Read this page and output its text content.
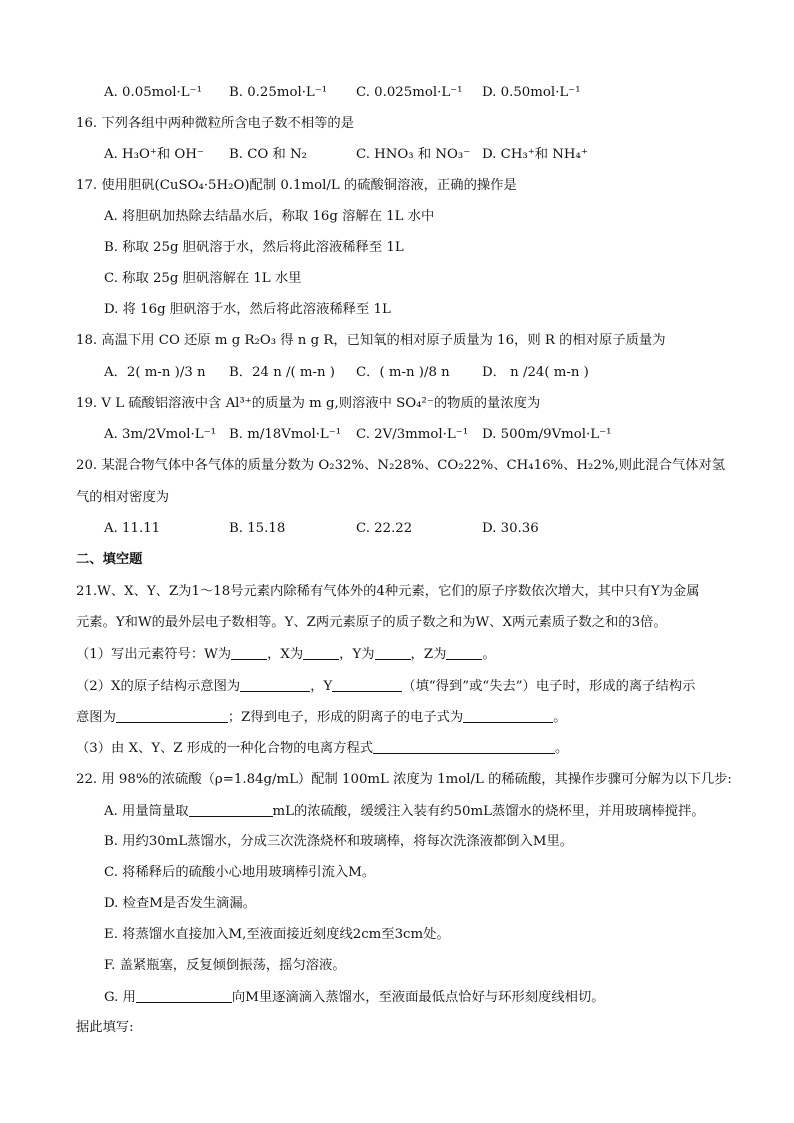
A. 0.05mol·L⁻¹ B. 0.25mol·L⁻¹ C. 0.025mol·L⁻¹ D. 0.50mol·L⁻¹
16. 下列各组中两种微粒所含电子数不相等的是
A. H₃O⁺和 OH⁻ B. CO 和 N₂	C. HNO₃ 和 NO₃⁻ D. CH₃⁺和 NH₄⁺
17. 使用胆矾(CuSO₄·5H₂O)配制 0.1mol/L 的硫酸铜溶液，正确的操作是
A. 将胆矾加热除去结晶水后，称取 16g 溶解在 1L 水中
B. 称取 25g 胆矾溶于水，然后将此溶液稀释至 1L
C. 称取 25g 胆矾溶解在 1L 水里
D. 将 16g 胆矾溶于水，然后将此溶液稀释至 1L
18. 高温下用 CO 还原 m g R₂O₃ 得 n g R，已知氧的相对原子质量为 16，则 R 的相对原子质量为
A．2( m-n )/3 n B．24 n /( m-n ) C．( m-n )/8 n D． n /24( m-n )
19. V L 硫酸铝溶液中含 Al³⁺的质量为 m g,则溶液中 SO₄²⁻的物质的量浓度为
A. 3m/2Vmol·L⁻¹ B. m/18Vmol·L⁻¹ C. 2V/3mmol·L⁻¹ D. 500m/9Vmol·L⁻¹
20. 某混合物气体中各气体的质量分数为 O₂32%、N₂28%、CO₂22%、CH₄16%、H₂2%,则此混合气体对氢
气的相对密度为
A. 11.11	B. 15.18	C. 22.22	D. 30.36
二、填空题
21.W、X、Y、Z为1～18号元素内除稀有气体外的4种元素，它们的原子序数依次增大，其中只有Y为金属
元素。Y和W的最外层电子数相等。Y、Z两元素原子的质子数之和为W、X两元素质子数之和的3倍。
（1）写出元素符号：W为	，X为	，Y为	，Z为	。
（2）X的原子结构示意图为	，Y	（填“得到”或“失去”）电子时，形成的离子结构示
意图为	；Z得到电子，形成的阴离子的电子式为	。
（3）由 X、Y、Z 形成的一种化合物的电离方程式	。
22. 用 98%的浓硫酸（ρ=1.84g/mL）配制 100mL 浓度为 1mol/L 的稀硫酸，其操作步骤可分解为以下几步:
A. 用量筒量取	mL的浓硫酸，缓缓注入装有约50mL蒸馏水的烧杯里，并用玻璃棒搅拌。
B. 用约30mL蒸馏水，分成三次洗涤烧杯和玻璃棒，将每次洗涤液都倒入M里。
C. 将稀释后的硫酸小心地用玻璃棒引流入M。
D. 检查M是否发生滴漏。
E. 将蒸馏水直接加入M,至液面接近刻度线2cm至3cm处。
F. 盖紧瓶塞，反复倾倒振荡，摇匀溶液。
G. 用	向M里逐滴滴入蒸馏水，至液面最低点恰好与环形刻度线相切。
据此填写:
